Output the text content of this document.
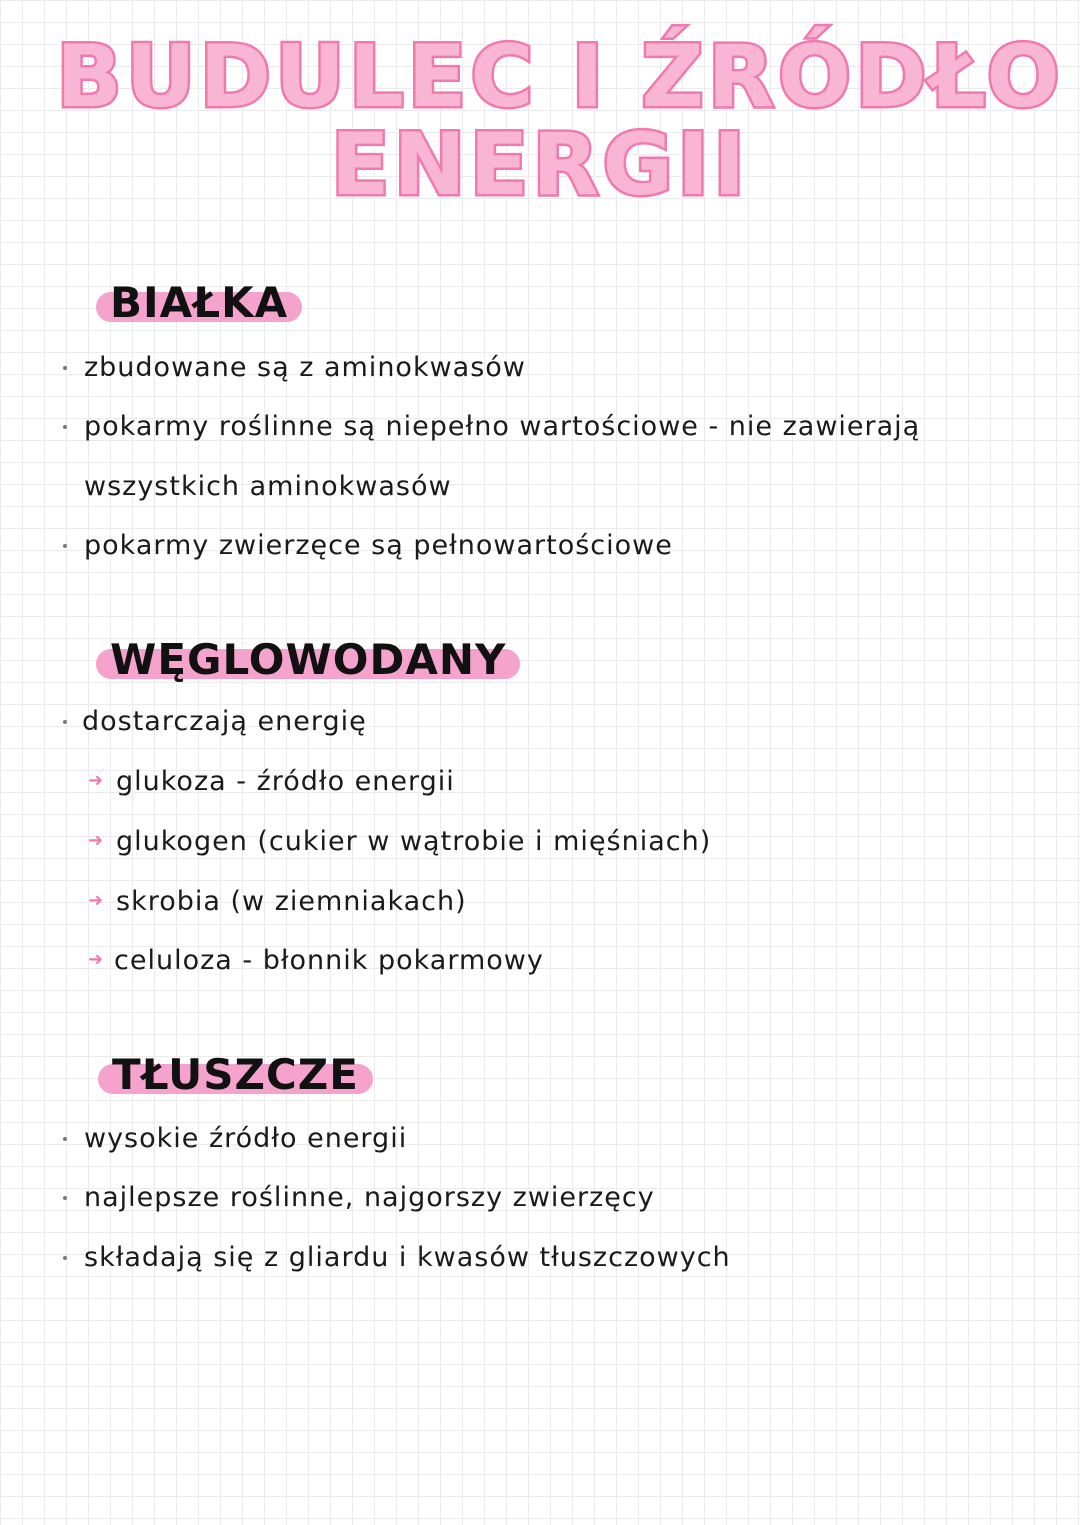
BUDULEC I ŹRÓDŁO
ENERGII
BIAŁKA
zbudowane są z aminokwasów
pokarmy roślinne są niepełno wartościowe - nie zawierają
wszystkich aminokwasów
pokarmy zwierzęce są pełnowartościowe
WĘGLOWODANY
dostarczają energię
➜ glukoza - źródło energii
➜ glukogen (cukier w wątrobie i mięśniach)
➜ skrobia (w ziemniakach)
➜ celuloza - błonnik pokarmowy
TŁUSZCZE
wysokie źródło energii
najlepsze roślinne, najgorszy zwierzęcy
składają się z gliardu i kwasów tłuszczowych
